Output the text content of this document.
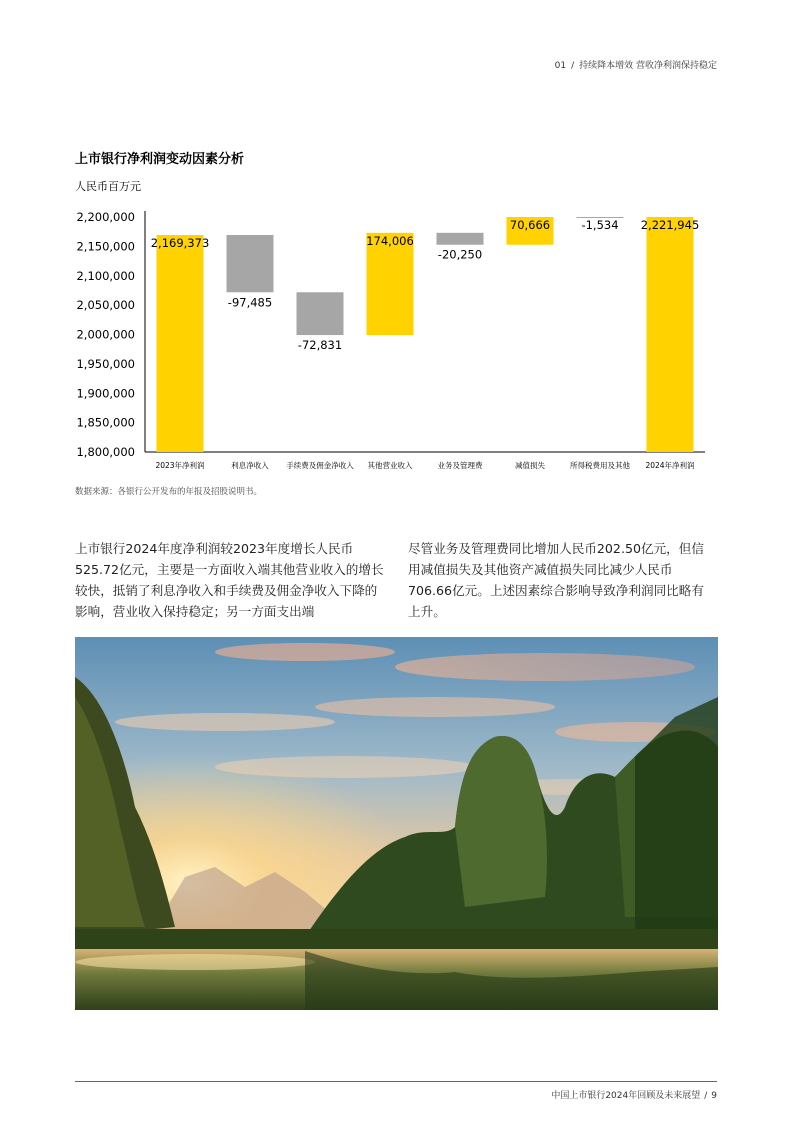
01 / 持续降本增效 营收净利润保持稳定
上市银行净利润变动因素分析
人民币百万元
1,800,000
1,850,000
1,900,000
1,950,000
2,000,000
2,050,000
2,100,000
2,150,000
2,200,000
2,169,373
2023年净利润
-97,485
利息净收入
-72,831
手续费及佣金净收入
174,006
其他营业收入
-20,250
业务及管理费
70,666
减值损失
-1,534
所得税费用及其他
2,221,945
2024年净利润
数据来源：各银行公开发布的年报及招股说明书。
上市银行2024年度净利润较2023年度增长人民币525.72亿元，主要是一方面收入端其他营业收入的增长较快，抵销了利息净收入和手续费及佣金净收入下降的影响，营业收入保持稳定；另一方面支出端
尽管业务及管理费同比增加人民币202.50亿元，但信用减值损失及其他资产减值损失同比减少人民币706.66亿元。上述因素综合影响导致净利润同比略有上升。
中国上市银行2024年回顾及未来展望 / 9
